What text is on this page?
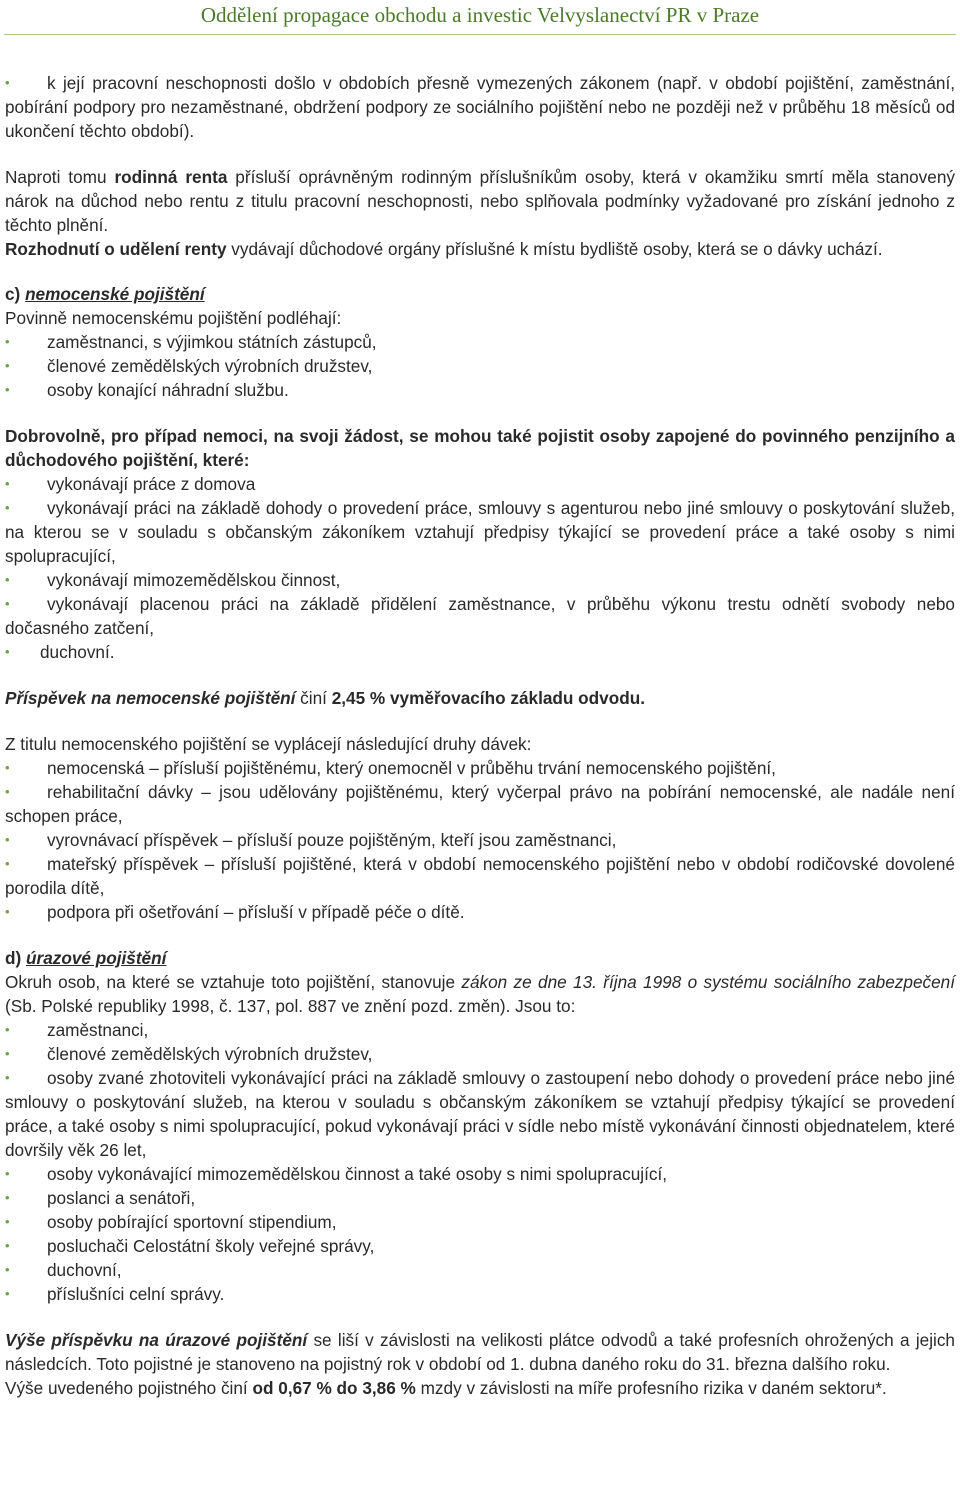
Oddělení propagace obchodu a investic Velvyslanectví PR v Praze

• k její pracovní neschopnosti došlo v obdobích přesně vymezených zákonem (např. v období pojištění, zaměstnání, pobírání podpory pro nezaměstnané, obdržení podpory ze sociálního pojištění nebo ne později než v průběhu 18 měsíců od ukončení těchto období).

Naproti tomu rodinná renta přísluší oprávněným rodinným příslušníkům osoby, která v okamžiku smrtí měla stanovený nárok na důchod nebo rentu z titulu pracovní neschopnosti, nebo splňovala podmínky vyžadované pro získání jednoho z těchto plnění.

Rozhodnutí o udělení renty vydávají důchodové orgány příslušné k místu bydliště osoby, která se o dávky uchází.

c) nemocenské pojištění

Povinně nemocenskému pojištění podléhají:

• zaměstnanci, s výjimkou státních zástupců,

• členové zemědělských výrobních družstev,

• osoby konající náhradní službu.

Dobrovolně, pro případ nemoci, na svoji žádost, se mohou také pojistit osoby zapojené do povinného penzijního a důchodového pojištění, které:

• vykonávají práce z domova

• vykonávají práci na základě dohody o provedení práce, smlouvy s agenturou nebo jiné smlouvy o poskytování služeb, na kterou se v souladu s občanským zákoníkem vztahují předpisy týkající se provedení práce a také osoby s nimi spolupracující,

• vykonávají mimozemědělskou činnost,

• vykonávají placenou práci na základě přidělení zaměstnance, v průběhu výkonu trestu odnětí svobody nebo dočasného zatčení,

• duchovní.

Příspěvek na nemocenské pojištění činí 2,45 % vyměřovacího základu odvodu.

Z titulu nemocenského pojištění se vyplácejí následující druhy dávek:

• nemocenská – přísluší pojištěnému, který onemocněl v průběhu trvání nemocenského pojištění,

• rehabilitační dávky – jsou udělovány pojištěnému, který vyčerpal právo na pobírání nemocenské, ale nadále není schopen práce,

• vyrovnávací příspěvek – přísluší pouze pojištěným, kteří jsou zaměstnanci,

• mateřský příspěvek – přísluší pojištěné, která v období nemocenského pojištění nebo v období rodičovské dovolené porodila dítě,

• podpora při ošetřování – přísluší v případě péče o dítě.

d) úrazové pojištění

Okruh osob, na které se vztahuje toto pojištění, stanovuje zákon ze dne 13. října 1998 o systému sociálního zabezpečení (Sb. Polské republiky 1998, č. 137, pol. 887 ve znění pozd. změn). Jsou to:

• zaměstnanci,

• členové zemědělských výrobních družstev,

• osoby zvané zhotoviteli vykonávající práci na základě smlouvy o zastoupení nebo dohody o provedení práce nebo jiné smlouvy o poskytování služeb, na kterou v souladu s občanským zákoníkem se vztahují předpisy týkající se provedení práce, a také osoby s nimi spolupracující, pokud vykonávají práci v sídle nebo místě vykonávání činnosti objednatelem, které dovršily věk 26 let,

• osoby vykonávající mimozemědělskou činnost a také osoby s nimi spolupracující,

• poslanci a senátoři,

• osoby pobírající sportovní stipendium,

• posluchači Celostátní školy veřejné správy,

• duchovní,

• příslušníci celní správy.

Výše příspěvku na úrazové pojištění se liší v závislosti na velikosti plátce odvodů a také profesních ohrožených a jejich následcích. Toto pojistné je stanoveno na pojistný rok v období od 1. dubna daného roku do 31. března dalšího roku.

Výše uvedeného pojistného činí od 0,67 % do 3,86 % mzdy v závislosti na míře profesního rizika v daném sektoru*.
